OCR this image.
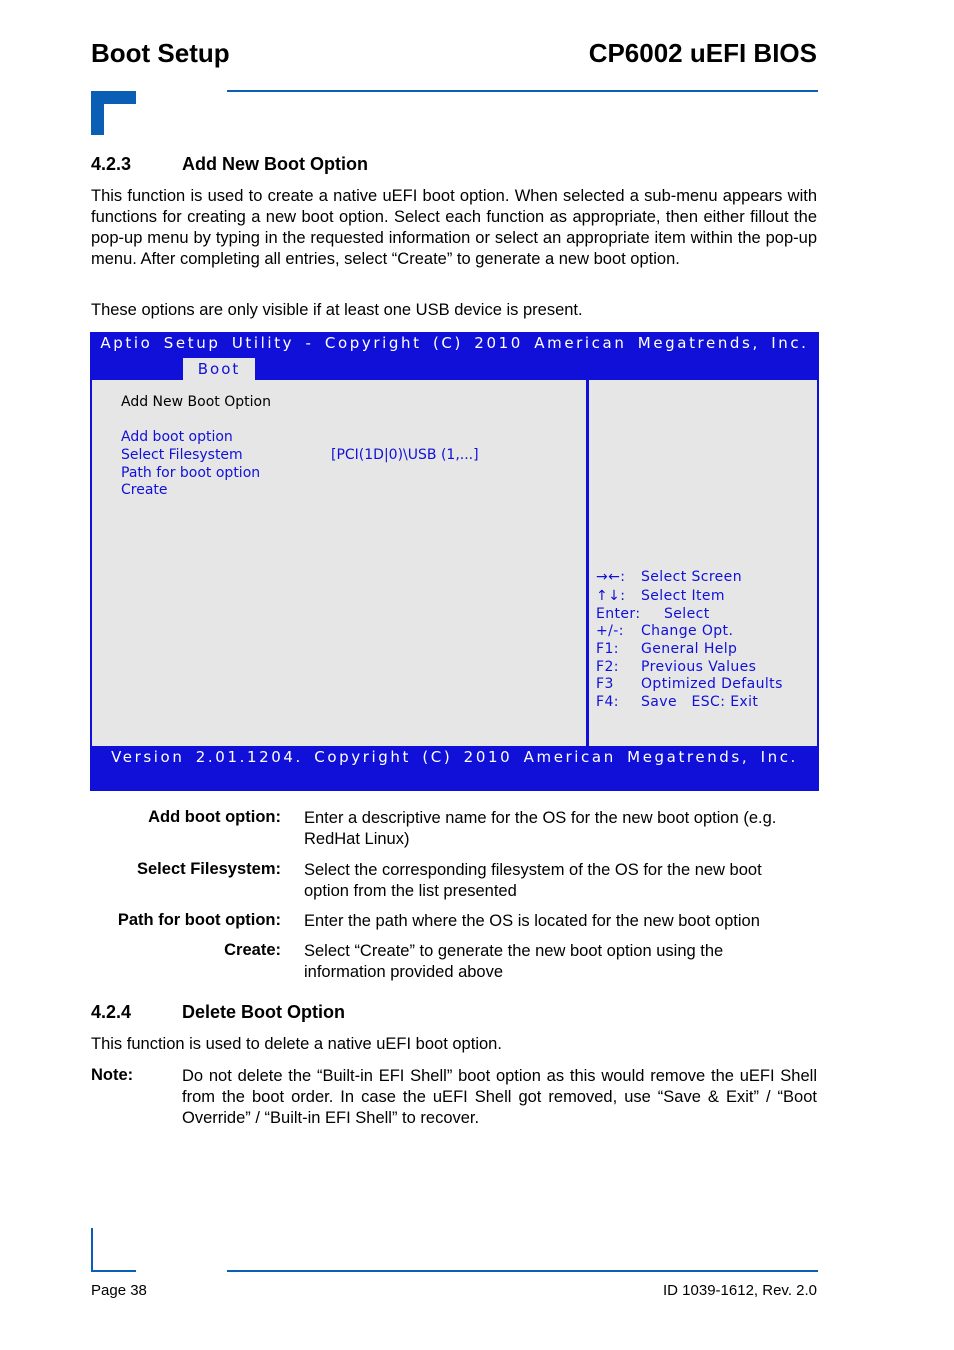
Boot Setup	CP6002 uEFI BIOS
4.2.3	Add New Boot Option

This function is used to create a native uEFI boot option. When selected a sub-menu appears with functions for creating a new boot option. Select each function as appropriate, then either fillout the pop-up menu by typing in the requested information or select an appropriate item within the pop-up menu. After completing all entries, select “Create” to generate a new boot option.

These options are only visible if at least one USB device is present.

Aptio Setup Utility - Copyright (C) 2010 American Megatrends, Inc.
Boot
Add New Boot Option
Add boot option
Select Filesystem	[PCI(1D|0)\USB (1,...]
Path for boot option
Create
→←: Select Screen
↑↓: Select Item
Enter: Select
+/-: Change Opt.
F1: General Help
F2: Previous Values
F3 Optimized Defaults
F4: Save   ESC: Exit
Version 2.01.1204. Copyright (C) 2010 American Megatrends, Inc.
Add boot option: Enter a descriptive name for the OS for the new boot option (e.g. RedHat Linux)
Select Filesystem: Select the corresponding filesystem of the OS for the new boot option from the list presented
Path for boot option: Enter the path where the OS is located for the new boot option
Create: Select “Create” to generate the new boot option using the information provided above
4.2.4	Delete Boot Option

This function is used to delete a native uEFI boot option.

Note:	Do not delete the “Built-in EFI Shell” boot option as this would remove the uEFI Shell from the boot order. In case the uEFI Shell got removed, use “Save & Exit” / “Boot Override” / “Built-in EFI Shell” to recover.
Page 38	ID 1039-1612, Rev. 2.0
